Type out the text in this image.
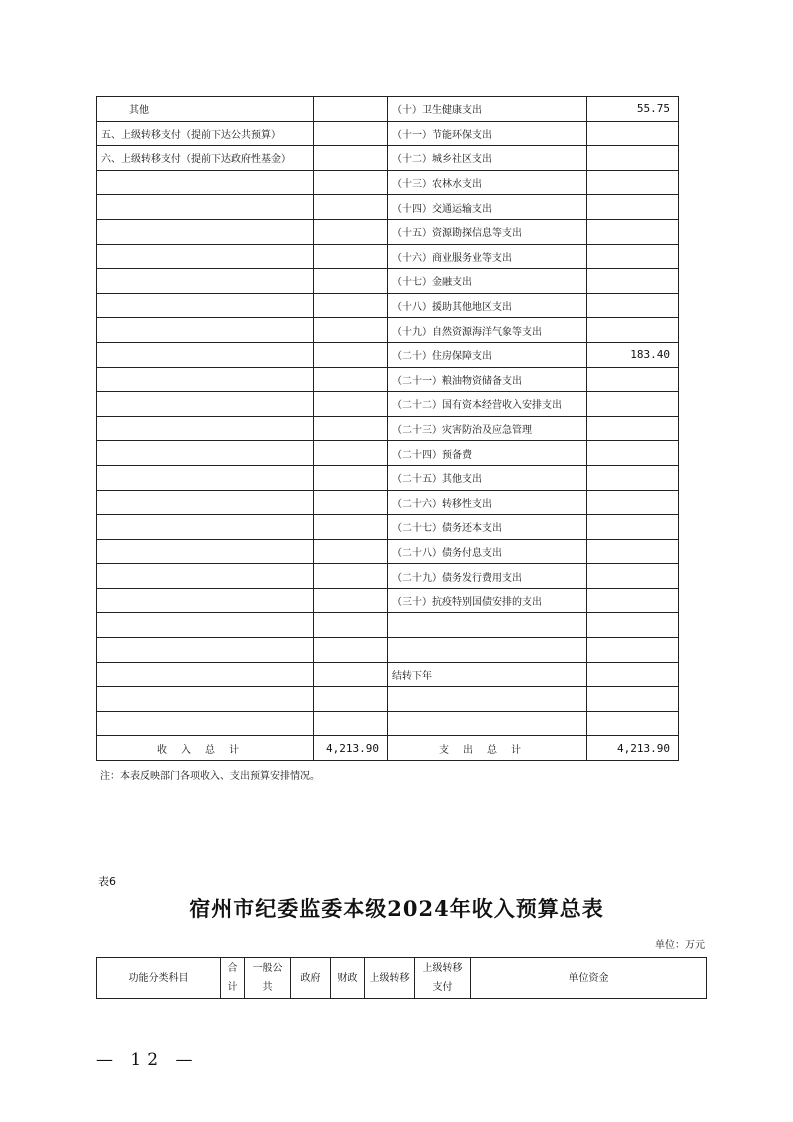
其他		（十）卫生健康支出	55.75
五、上级转移支付（提前下达公共预算）		（十一）节能环保支出	
六、上级转移支付（提前下达政府性基金）		（十二）城乡社区支出	
		（十三）农林水支出	
		（十四）交通运输支出	
		（十五）资源勘探信息等支出	
		（十六）商业服务业等支出	
		（十七）金融支出	
		（十八）援助其他地区支出	
		（十九）自然资源海洋气象等支出	
		（二十）住房保障支出	183.40
		（二十一）粮油物资储备支出	
		（二十二）国有资本经营收入安排支出	
		（二十三）灾害防治及应急管理	
		（二十四）预备费	
		（二十五）其他支出	
		（二十六）转移性支出	
		（二十七）债务还本支出	
		（二十八）债务付息支出	
		（二十九）债务发行费用支出	
		（三十）抗疫特别国债安排的支出	

		结转下年	

收入总计	4,213.90	支出总计	4,213.90
注：本表反映部门各项收入、支出预算安排情况。
表6
宿州市纪委监委本级2024年收入预算总表
单位：万元
功能分类科目	合计	一般公共	政府	财政	上级转移	上级转移支付	单位资金
— 12 —
